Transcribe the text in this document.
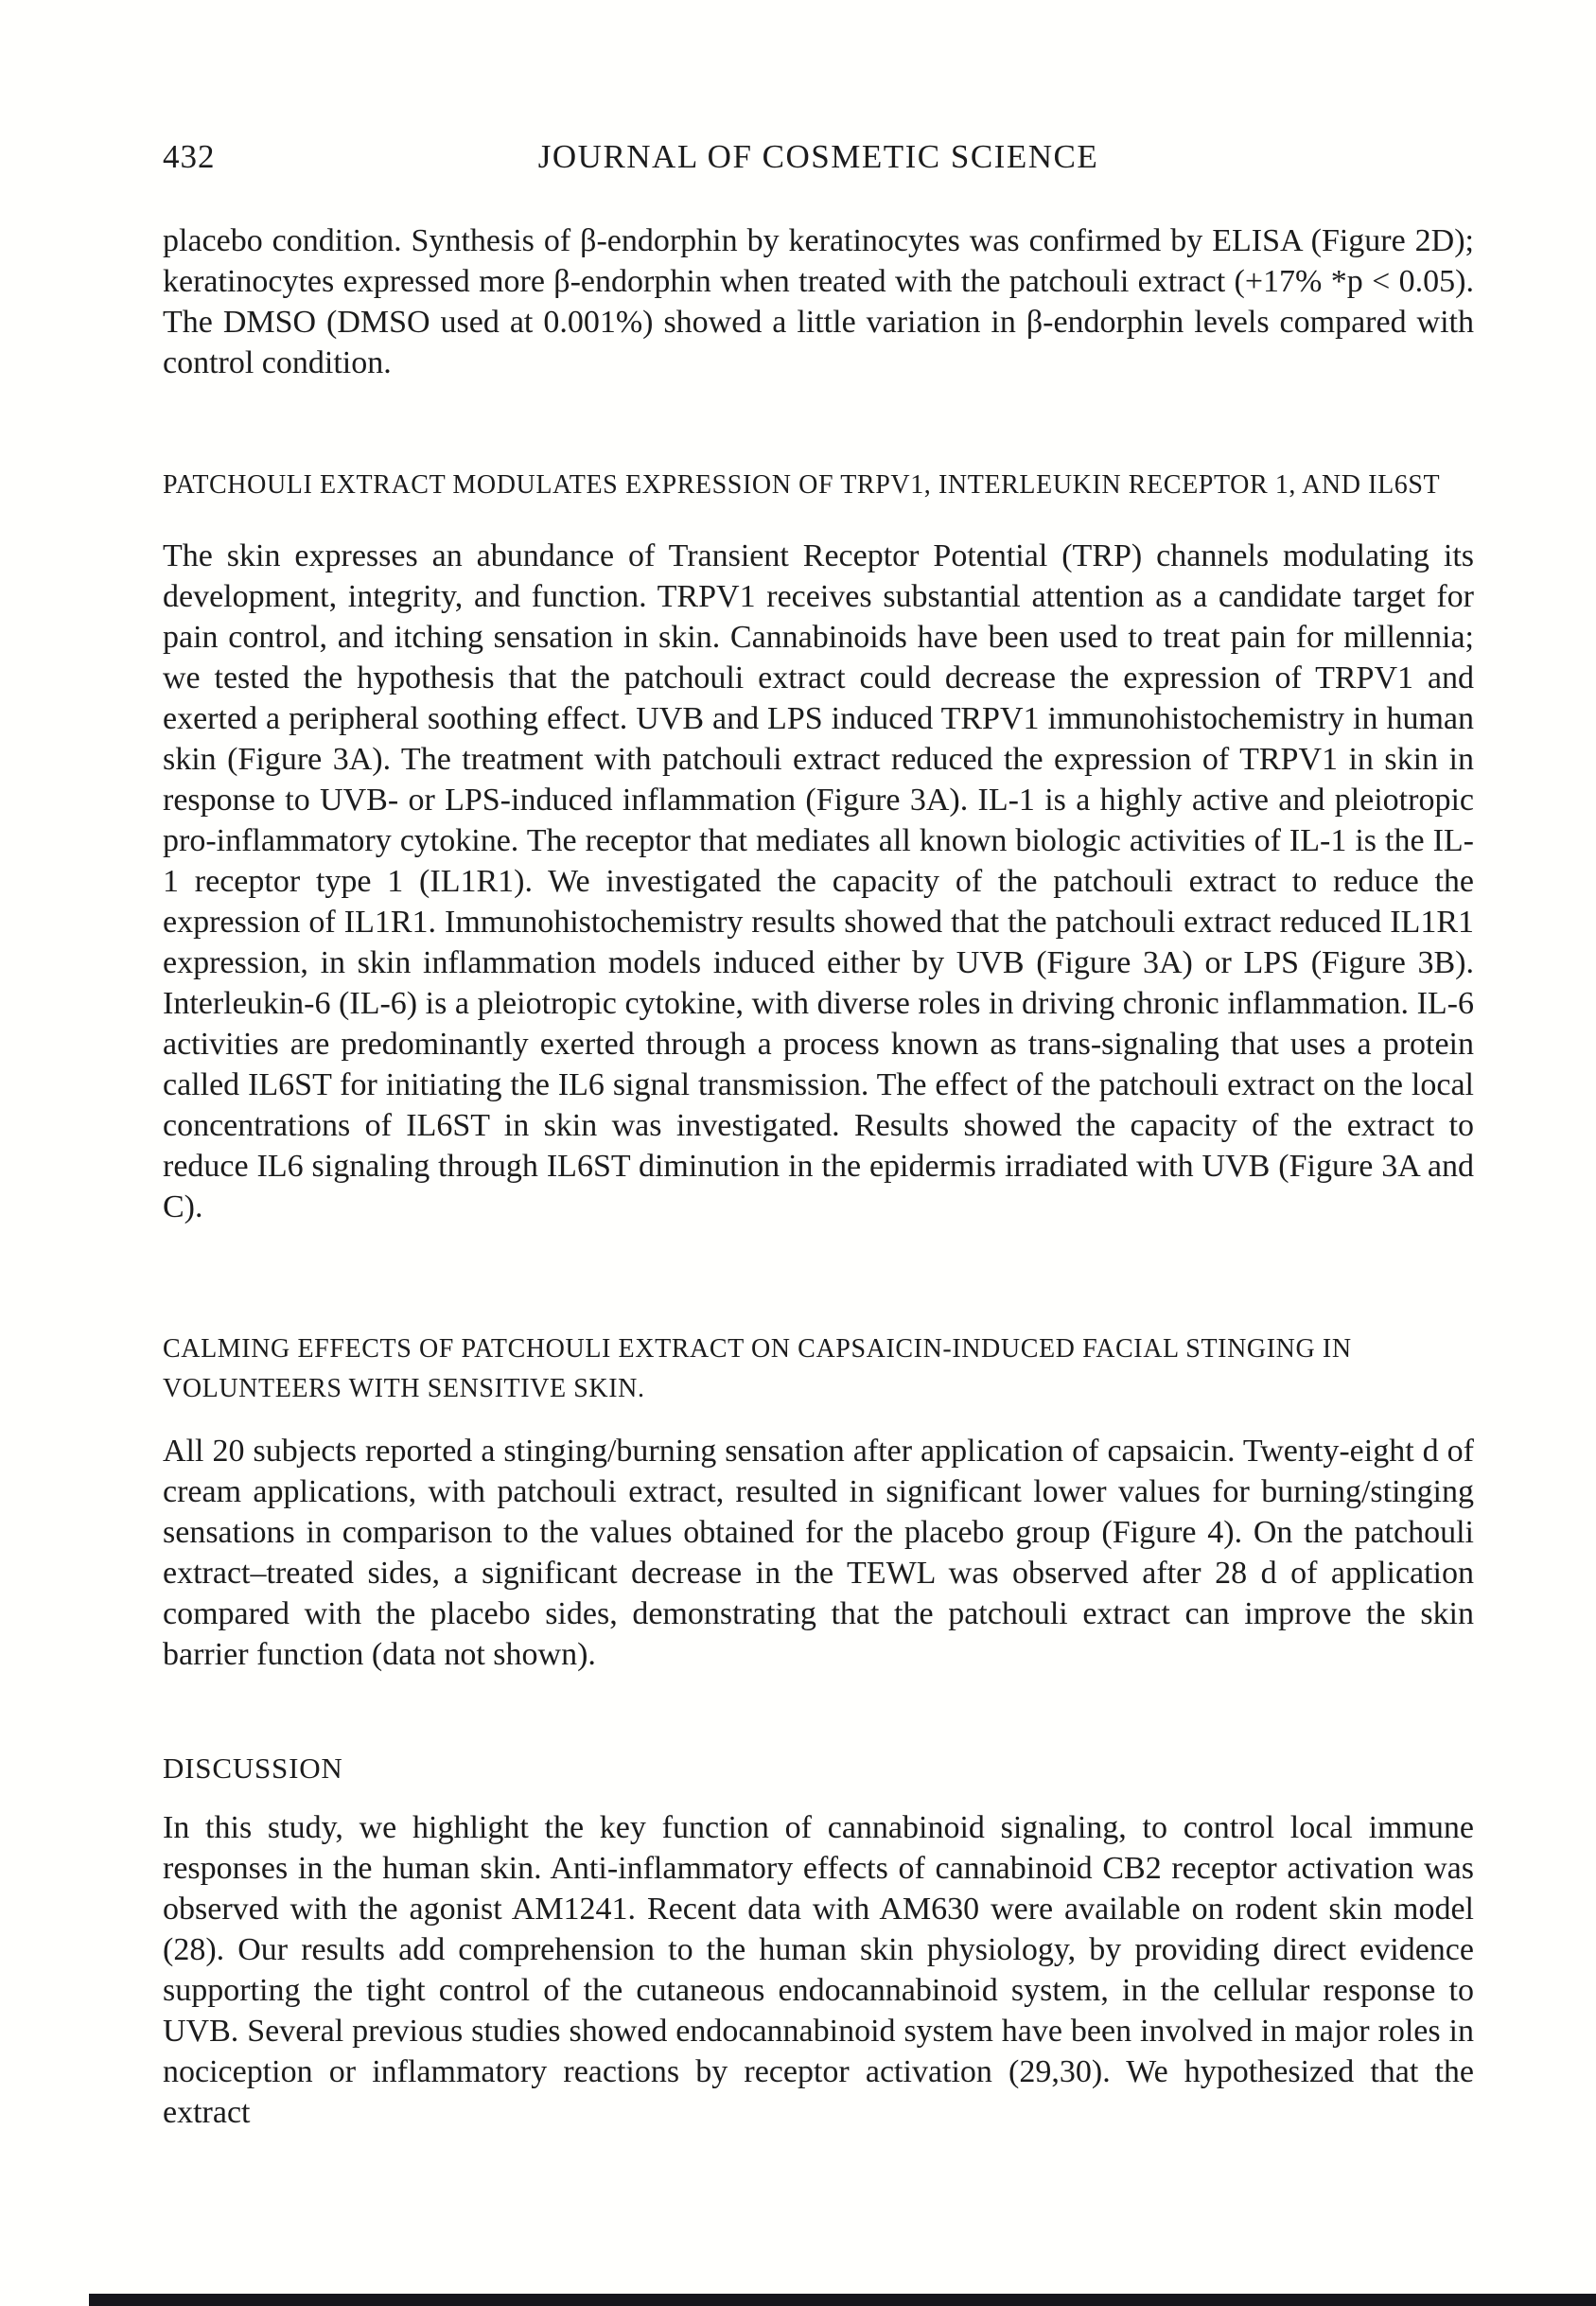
432	JOURNAL OF COSMETIC SCIENCE
placebo condition. Synthesis of β-endorphin by keratinocytes was confirmed by ELISA (Figure 2D); keratinocytes expressed more β-endorphin when treated with the patchouli extract (+17% *p < 0.05). The DMSO (DMSO used at 0.001%) showed a little variation in β-endorphin levels compared with control condition.
PATCHOULI EXTRACT MODULATES EXPRESSION OF TRPV1, INTERLEUKIN RECEPTOR 1, AND IL6ST
The skin expresses an abundance of Transient Receptor Potential (TRP) channels modulating its development, integrity, and function. TRPV1 receives substantial attention as a candidate target for pain control, and itching sensation in skin. Cannabinoids have been used to treat pain for millennia; we tested the hypothesis that the patchouli extract could decrease the expression of TRPV1 and exerted a peripheral soothing effect. UVB and LPS induced TRPV1 immunohistochemistry in human skin (Figure 3A). The treatment with patchouli extract reduced the expression of TRPV1 in skin in response to UVB- or LPS-induced inflammation (Figure 3A). IL-1 is a highly active and pleiotropic pro-inflammatory cytokine. The receptor that mediates all known biologic activities of IL-1 is the IL-1 receptor type 1 (IL1R1). We investigated the capacity of the patchouli extract to reduce the expression of IL1R1. Immunohistochemistry results showed that the patchouli extract reduced IL1R1 expression, in skin inflammation models induced either by UVB (Figure 3A) or LPS (Figure 3B). Interleukin-6 (IL-6) is a pleiotropic cytokine, with diverse roles in driving chronic inflammation. IL-6 activities are predominantly exerted through a process known as trans-signaling that uses a protein called IL6ST for initiating the IL6 signal transmission. The effect of the patchouli extract on the local concentrations of IL6ST in skin was investigated. Results showed the capacity of the extract to reduce IL6 signaling through IL6ST diminution in the epidermis irradiated with UVB (Figure 3A and C).
CALMING EFFECTS OF PATCHOULI EXTRACT ON CAPSAICIN-INDUCED FACIAL STINGING IN VOLUNTEERS WITH SENSITIVE SKIN.
All 20 subjects reported a stinging/burning sensation after application of capsaicin. Twenty-eight d of cream applications, with patchouli extract, resulted in significant lower values for burning/stinging sensations in comparison to the values obtained for the placebo group (Figure 4). On the patchouli extract–treated sides, a significant decrease in the TEWL was observed after 28 d of application compared with the placebo sides, demonstrating that the patchouli extract can improve the skin barrier function (data not shown).
DISCUSSION
In this study, we highlight the key function of cannabinoid signaling, to control local immune responses in the human skin. Anti-inflammatory effects of cannabinoid CB2 receptor activation was observed with the agonist AM1241. Recent data with AM630 were available on rodent skin model (28). Our results add comprehension to the human skin physiology, by providing direct evidence supporting the tight control of the cutaneous endocannabinoid system, in the cellular response to UVB. Several previous studies showed endocannabinoid system have been involved in major roles in nociception or inflammatory reactions by receptor activation (29,30). We hypothesized that the extract
